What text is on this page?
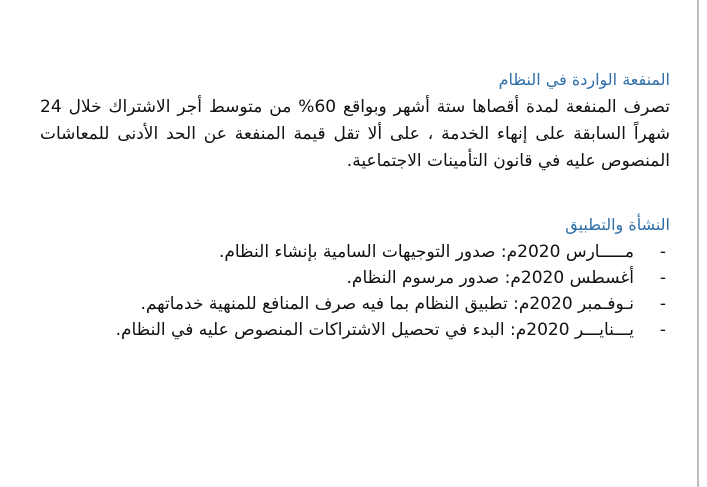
المنفعة الواردة في النظام

تصرف المنفعة لمدة أقصاها ستة أشهر وبواقع 60% من متوسط أجر الاشتراك خلال 24 شهراً السابقة على إنهاء الخدمة ، على ألا تقل قيمة المنفعة عن الحد الأدنى للمعاشات المنصوص عليه في قانون التأمينات الاجتماعية.

النشأة والتطبيق
-
مـــــارس 2020م: صدور التوجيهات السامية بإنشاء النظام.
-
أغسطس 2020م: صدور مرسوم النظام.
-
نـوفـمبر 2020م: تطبيق النظام بما فيه صرف المنافع للمنهية خدماتهم.
-
يـــنايـــر 2020م: البدء في تحصيل الاشتراكات المنصوص عليه في النظام.
